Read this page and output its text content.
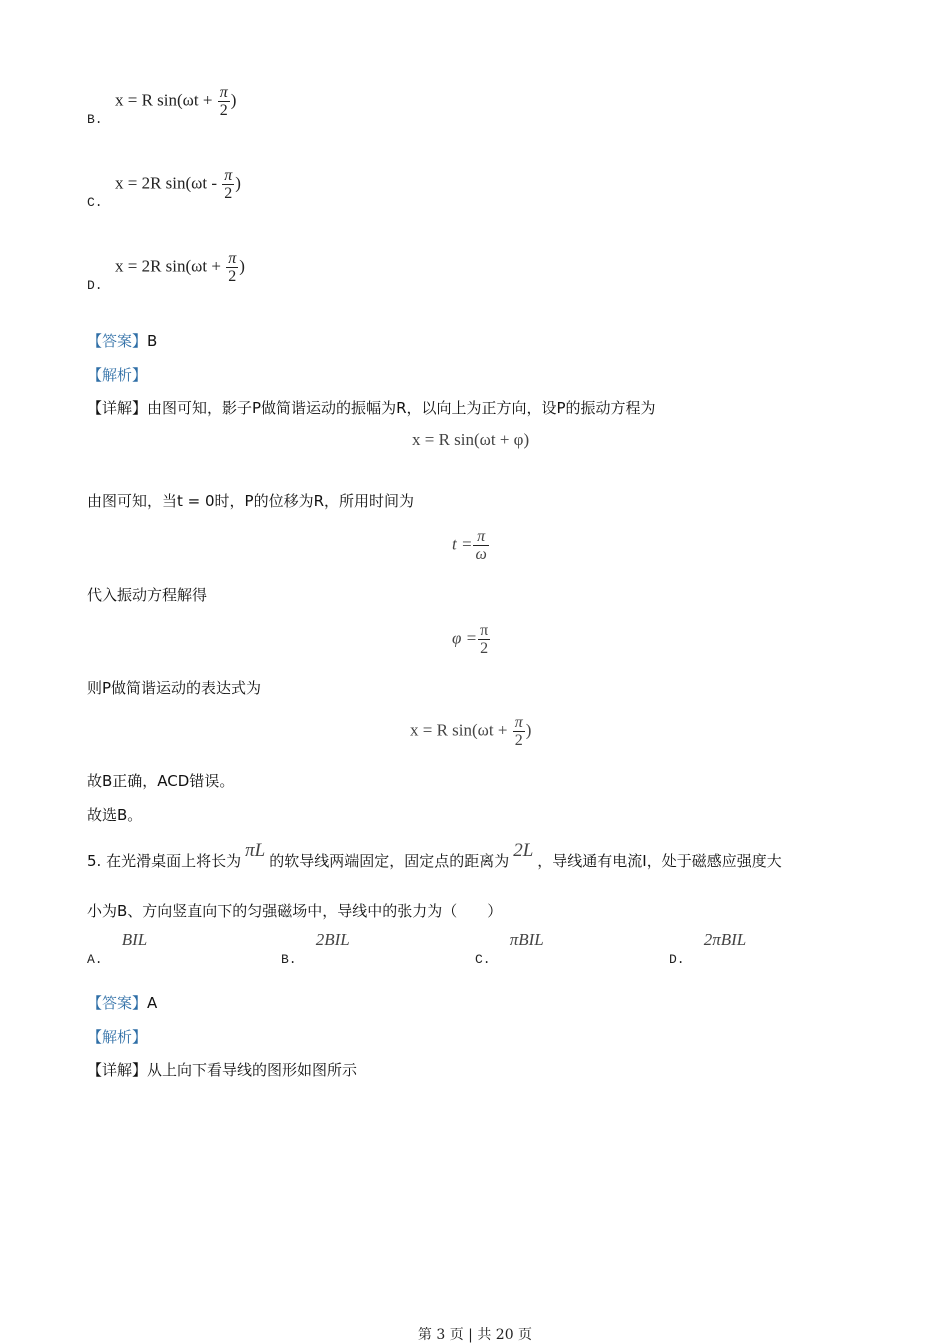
$_{B.}$
x = R $\sin(\omega t + \frac{\pi}{2}$ )
$_{C.}$
x = 2R $\sin(\omega t - \frac{\pi}{2}$ )
$_{D.}$
x = 2R $\sin(\omega t + \frac{\pi}{2}$ )
【答案】B
【解析】
【详解】由图可知，影子P做简谐运动的振幅为R，以向上为正方向，设P的振动方程为
x = R sin(ωt + φ)
由图可知，当t = 0时，P的位移为R，所用时间为
$t = \frac{\pi}{\omega}$
代入振动方程解得
$\varphi = \frac{\pi}{2}$
则P做简谐运动的表达式为
x = R $\sin(\omega t + \frac{\pi}{2}$ )
故B正确，ACD错误。
故选B。
5. 在光滑桌面上将长为 πL 的软导线两端固定，固定点的距离为 2L ，导线通有电流I，处于磁感应强度大
小为B、方向竖直向下的匀强磁场中，导线中的张力为（　　）
$_{A.}$ BIL
$_{B.}$ 2BIL
$_{C.}$ πBIL
$_{D.}$ 2πBIL
【答案】A
【解析】
【详解】从上向下看导线的图形如图所示
第 3 页 | 共 20 页
